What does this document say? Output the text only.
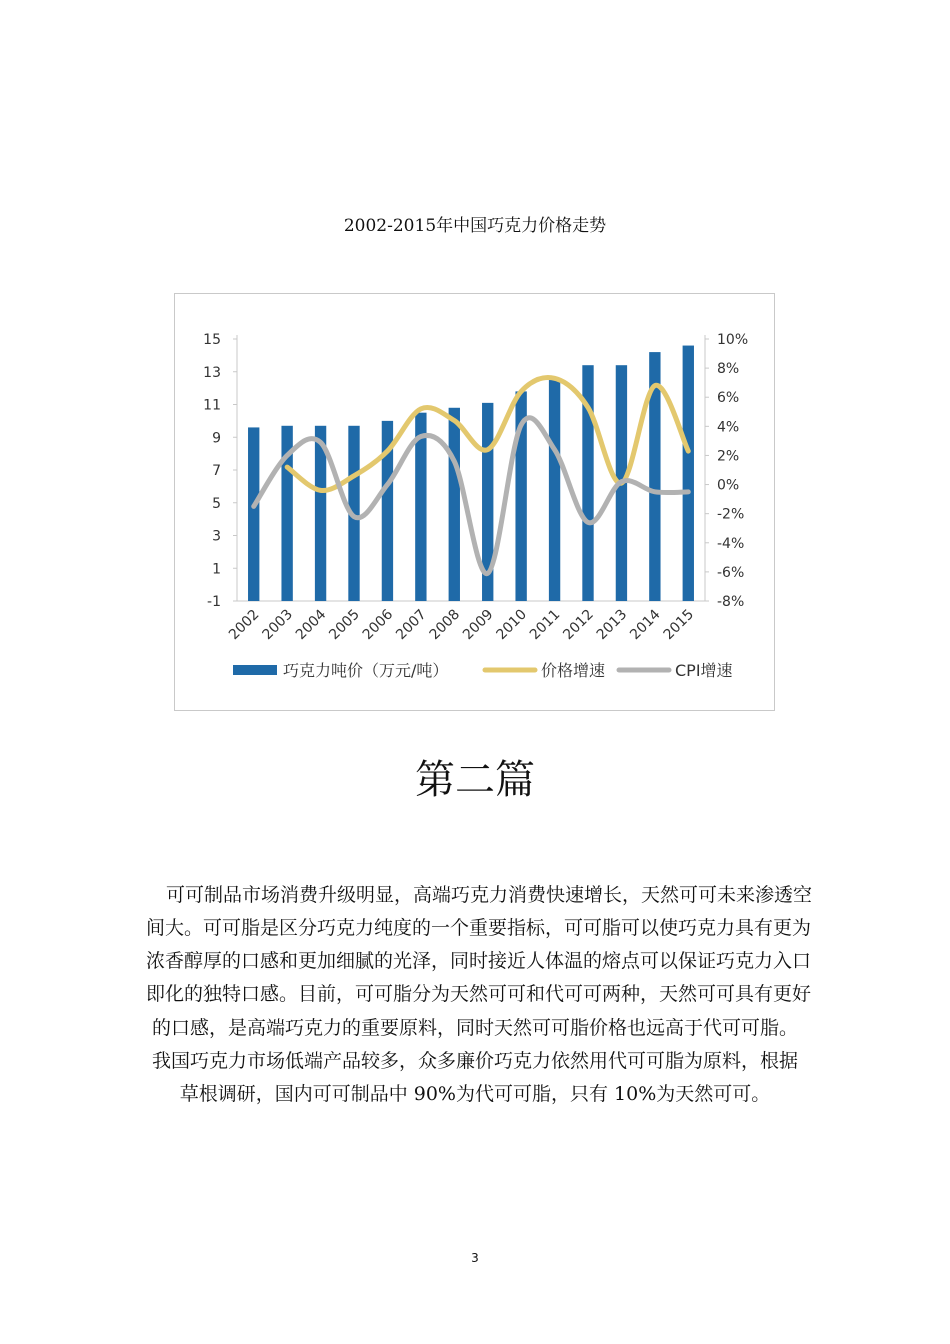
2002-2015年中国巧克力价格走势
15
13
11
9
7
5
3
1
-1
10%
8%
6%
4%
2%
0%
-2%
-4%
-6%
-8%
2002
2003
2004
2005
2006
2007
2008
2009
2010
2011
2012
2013
2014
2015
巧克力吨价（万元/吨）	价格增速	CPI增速
第二篇
可可制品市场消费升级明显，高端巧克力消费快速增长，天然可可未来渗透空
间大。可可脂是区分巧克力纯度的一个重要指标，可可脂可以使巧克力具有更为
浓香醇厚的口感和更加细腻的光泽，同时接近人体温的熔点可以保证巧克力入口
即化的独特口感。目前，可可脂分为天然可可和代可可两种，天然可可具有更好
的口感，是高端巧克力的重要原料，同时天然可可脂价格也远高于代可可脂。
我国巧克力市场低端产品较多，众多廉价巧克力依然用代可可脂为原料，根据
草根调研，国内可可制品中 90%为代可可脂，只有 10%为天然可可。
3
